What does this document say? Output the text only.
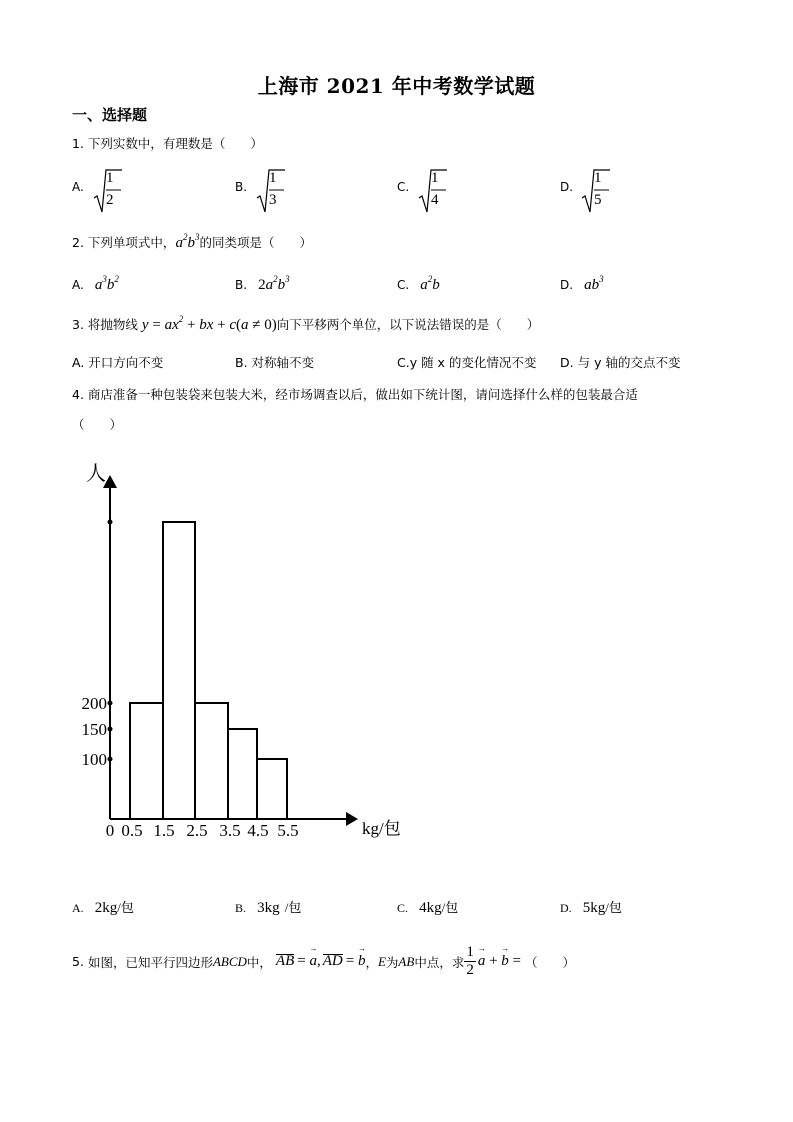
上海市 2021 年中考数学试题
一、选择题
1. 下列实数中，有理数是（　　）
A.
1
2
B.
1
3
C.
1
4
D.
1
5
2. 下列单项式中，$a^2b^3$的同类项是（　　）
A. $a^3b^2$	B. $2a^2b^3$	C. $a^2b$	D. $ab^3$
3. 将抛物线 $y = ax^2$ + bx + c(a ≠ 0)向下平移两个单位，以下说法错误的是（　　）
A. 开口方向不变	B. 对称轴不变	C.y 随 x 的变化情况不变 D. 与 y 轴的交点不变
4. 商店准备一种包装袋来包装大米，经市场调查以后，做出如下统计图，请问选择什么样的包装最合适
（　　）
人
200
150
100
0 0.5 1.5 2.5 3.5 4.5 5.5	kg/包
A. 2kg/包	B. 3kg /包	C. 4kg/包	D. 5kg/包
5. 如图，已知平行四边形 ABCD 中， AB = → a, AD = → b ， E 为 AB 中点，求 $\frac{1}{2} \to a$ + → b = （　　）
